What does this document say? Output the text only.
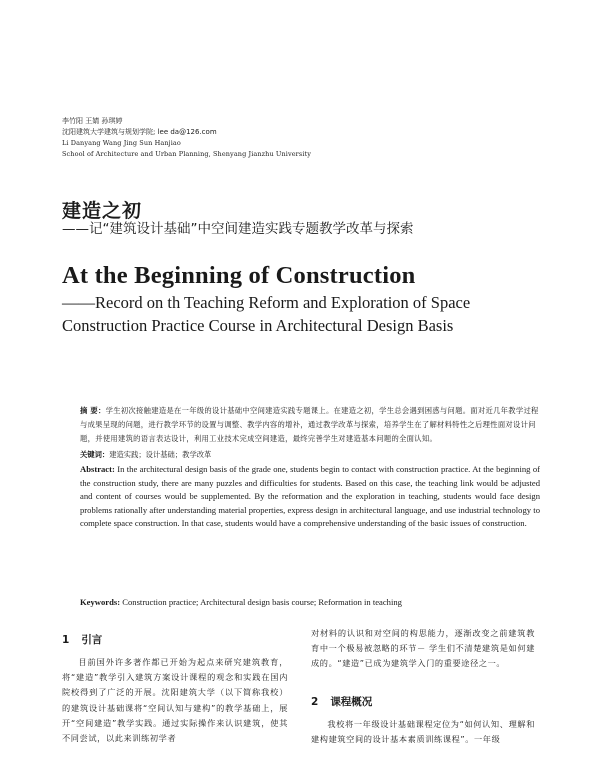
李竹阳 王婧 孙琪婷
沈阳建筑大学建筑与规划学院; lee da@126.com
Li Danyang Wang Jing Sun Hanjiao
School of Architecture and Urban Planning, Shenyang Jianzhu University
建造之初
——记“建筑设计基础”中空间建造实践专题教学改革与探索
At the Beginning of Construction
——Record on th Teaching Reform and Exploration of Space Construction Practice Course in Architectural Design Basis
摘 要：学生初次接触建造是在一年级的设计基础中空间建造实践专题课上。在建造之初，学生总会遇到困惑与问题。面对近几年教学过程与成果呈现的问题，进行教学环节的设置与调整、教学内容的增补，通过教学改革与探索，培养学生在了解材料特性之后理性面对设计问题，并使用建筑的语言表达设计，利用工业技术完成空间建造，最终完善学生对建造基本问题的全面认知。
关键词：建造实践；设计基础；教学改革
Abstract: In the architectural design basis of the grade one, students begin to contact with construction practice. At the beginning of the construction study, there are many puzzles and difficulties for students. Based on this case, the teaching link would be adjusted and content of courses would be supplemented. By the reformation and the exploration in teaching, students would face design problems rationally after understanding material properties, express design in architectural language, and use industrial technology to complete space construction. In that case, students would have a comprehensive understanding of the basic issues of construction.
Keywords: Construction practice; Architectural design basis course; Reformation in teaching
1 引言

目前国外许多著作都已开始为起点来研究建筑教育，将“建造”教学引入建筑方案设计课程的观念和实践在国内院校得到了广泛的开展。沈阳建筑大学（以下简称我校）的建筑设计基础课将“空间认知与建构”的教学基础上，展开“空间建造”教学实践。通过实际操作来认识建筑，使其不同尝试，以此来训练初学者

对材料的认识和对空间的构思能力，逐渐改变之前建筑教育中一个极易被忽略的环节－ 学生们不清楚建筑是如何建成的。“建造”已成为建筑学入门的重要途径之一。

2 课程概况

我校将一年级设计基础课程定位为“如何认知、理解和建构建筑空间的设计基本素质训练课程”。一年级
